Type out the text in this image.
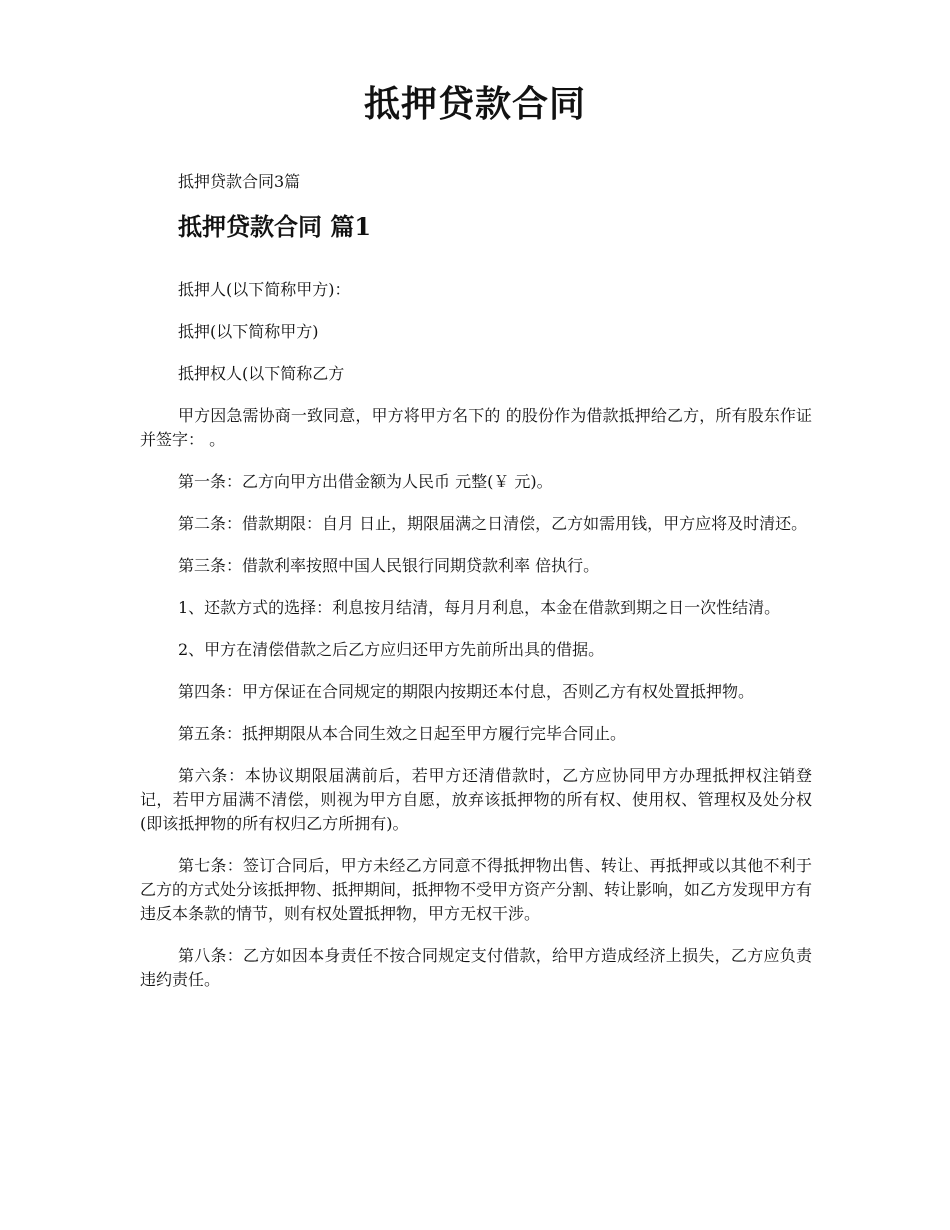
抵押贷款合同

抵押贷款合同3篇

抵押贷款合同 篇1

抵押人(以下简称甲方)：

抵押(以下简称甲方)

抵押权人(以下简称乙方

甲方因急需协商一致同意，甲方将甲方名下的 的股份作为借款抵押给乙方，所有股东作证并签字： 。

第一条：乙方向甲方出借金额为人民币 元整(￥ 元)。

第二条：借款期限：自月 日止，期限届满之日清偿，乙方如需用钱，甲方应将及时清还。

第三条：借款利率按照中国人民银行同期贷款利率 倍执行。

1、还款方式的选择：利息按月结清，每月月利息，本金在借款到期之日一次性结清。

2、甲方在清偿借款之后乙方应归还甲方先前所出具的借据。

第四条：甲方保证在合同规定的期限内按期还本付息，否则乙方有权处置抵押物。

第五条：抵押期限从本合同生效之日起至甲方履行完毕合同止。

第六条：本协议期限届满前后，若甲方还清借款时，乙方应协同甲方办理抵押权注销登记，若甲方届满不清偿，则视为甲方自愿，放弃该抵押物的所有权、使用权、管理权及处分权(即该抵押物的所有权归乙方所拥有)。

第七条：签订合同后，甲方未经乙方同意不得抵押物出售、转让、再抵押或以其他不利于乙方的方式处分该抵押物、抵押期间，抵押物不受甲方资产分割、转让影响，如乙方发现甲方有违反本条款的情节，则有权处置抵押物，甲方无权干涉。

第八条：乙方如因本身责任不按合同规定支付借款，给甲方造成经济上损失，乙方应负责违约责任。
